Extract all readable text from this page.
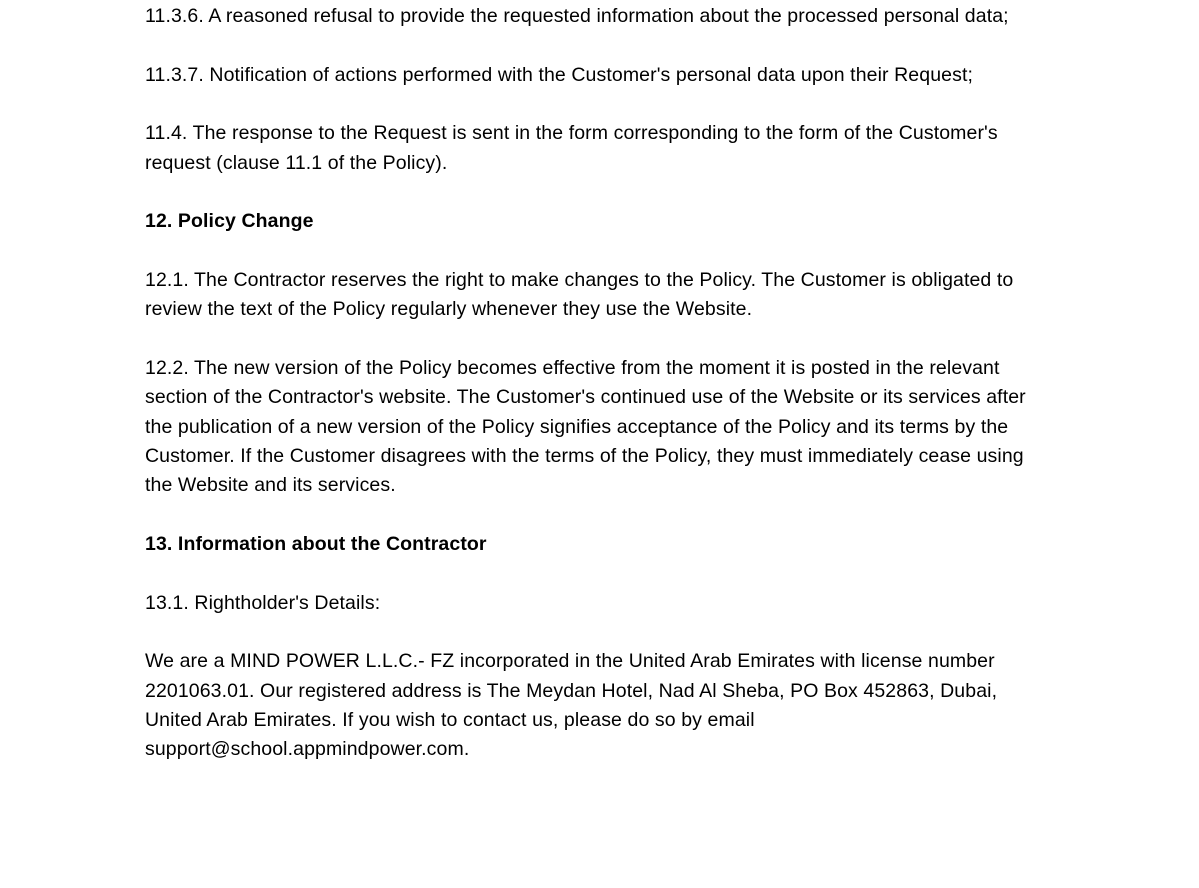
11.3.6. A reasoned refusal to provide the requested information about the processed personal data;

11.3.7. Notification of actions performed with the Customer's personal data upon their Request;

11.4. The response to the Request is sent in the form corresponding to the form of the Customer's request (clause 11.1 of the Policy).

12. Policy Change

12.1. The Contractor reserves the right to make changes to the Policy. The Customer is obligated to review the text of the Policy regularly whenever they use the Website.

12.2. The new version of the Policy becomes effective from the moment it is posted in the relevant section of the Contractor's website. The Customer's continued use of the Website or its services after the publication of a new version of the Policy signifies acceptance of the Policy and its terms by the Customer. If the Customer disagrees with the terms of the Policy, they must immediately cease using the Website and its services.

13. Information about the Contractor

13.1. Rightholder's Details:

We are a MIND POWER L.L.C.- FZ incorporated in the United Arab Emirates with license number 2201063.01. Our registered address is The Meydan Hotel, Nad Al Sheba, PO Box 452863, Dubai, United Arab Emirates. If you wish to contact us, please do so by email support@school.appmindpower.com.
